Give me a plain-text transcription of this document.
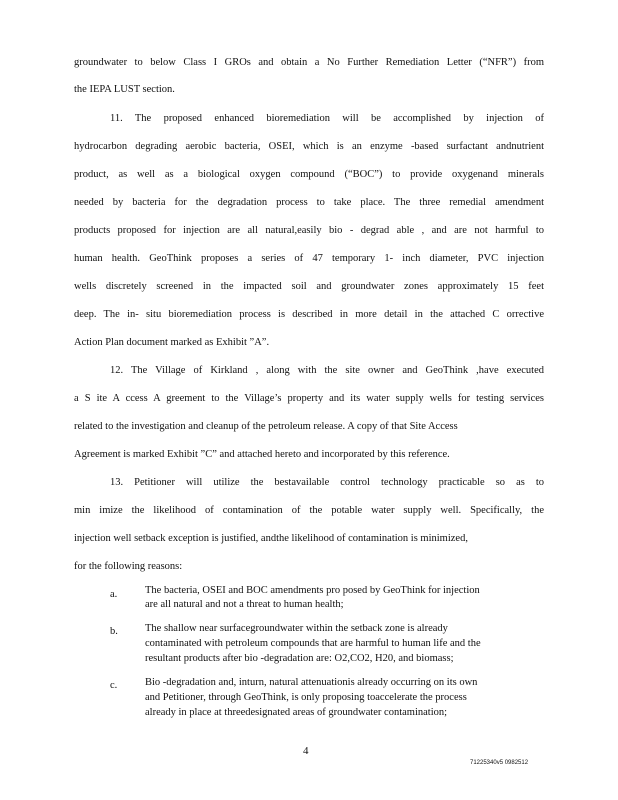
groundwater to below Class I GROs and obtain a No Further Remediation Letter (“NFR”) from
the IEPA LUST section.
11. The proposed enhanced bioremediation will be accomplished by injection of
hydrocarbon degrading aerobic bacteria, OSEI, which is an enzyme -based surfactant andnutrient
product, as well as a biological oxygen compound (“BOC”) to provide oxygenand minerals
needed by bacteria for the degradation process to take place. The three remedial amendment
products proposed for injection are all natural,easily bio - degrad able , and are not harmful to
human health. GeoThink proposes a series of 47 temporary 1- inch diameter, PVC injection
wells discretely screened in the impacted soil and groundwater zones approximately 15 feet
deep. The in- situ bioremediation process is described in more detail in the attached C orrective
Action Plan document marked as Exhibit ”A”.
12. The Village of Kirkland , along with the site owner and GeoThink ,have executed
a S ite A ccess A greement to the Village’s property and its water supply wells for testing services
related to the investigation and cleanup of the petroleum release. A copy of that Site Access
Agreement is marked Exhibit ”C” and attached hereto and incorporated by this reference.
13. Petitioner will utilize the bestavailable control technology practicable so as to
min imize the likelihood of contamination of the potable water supply well. Specifically, the
injection well setback exception is justified, andthe likelihood of contamination is minimized,
for the following reasons:
a.	The bacteria, OSEI and BOC amendments pro posed by GeoThink for injection
are all natural and not a threat to human health;
b.	The shallow near surfacegroundwater within the setback zone is already
contaminated with petroleum compounds that are harmful to human life and the
resultant products after bio -degradation are: O2,CO2, H20, and biomass;
c.	Bio -degradation and, inturn, natural attenuationis already occurring on its own
and Petitioner, through GeoThink, is only proposing toaccelerate the process
already in place at threedesignated areas of groundwater contamination;
4
71225340v5 0982512
